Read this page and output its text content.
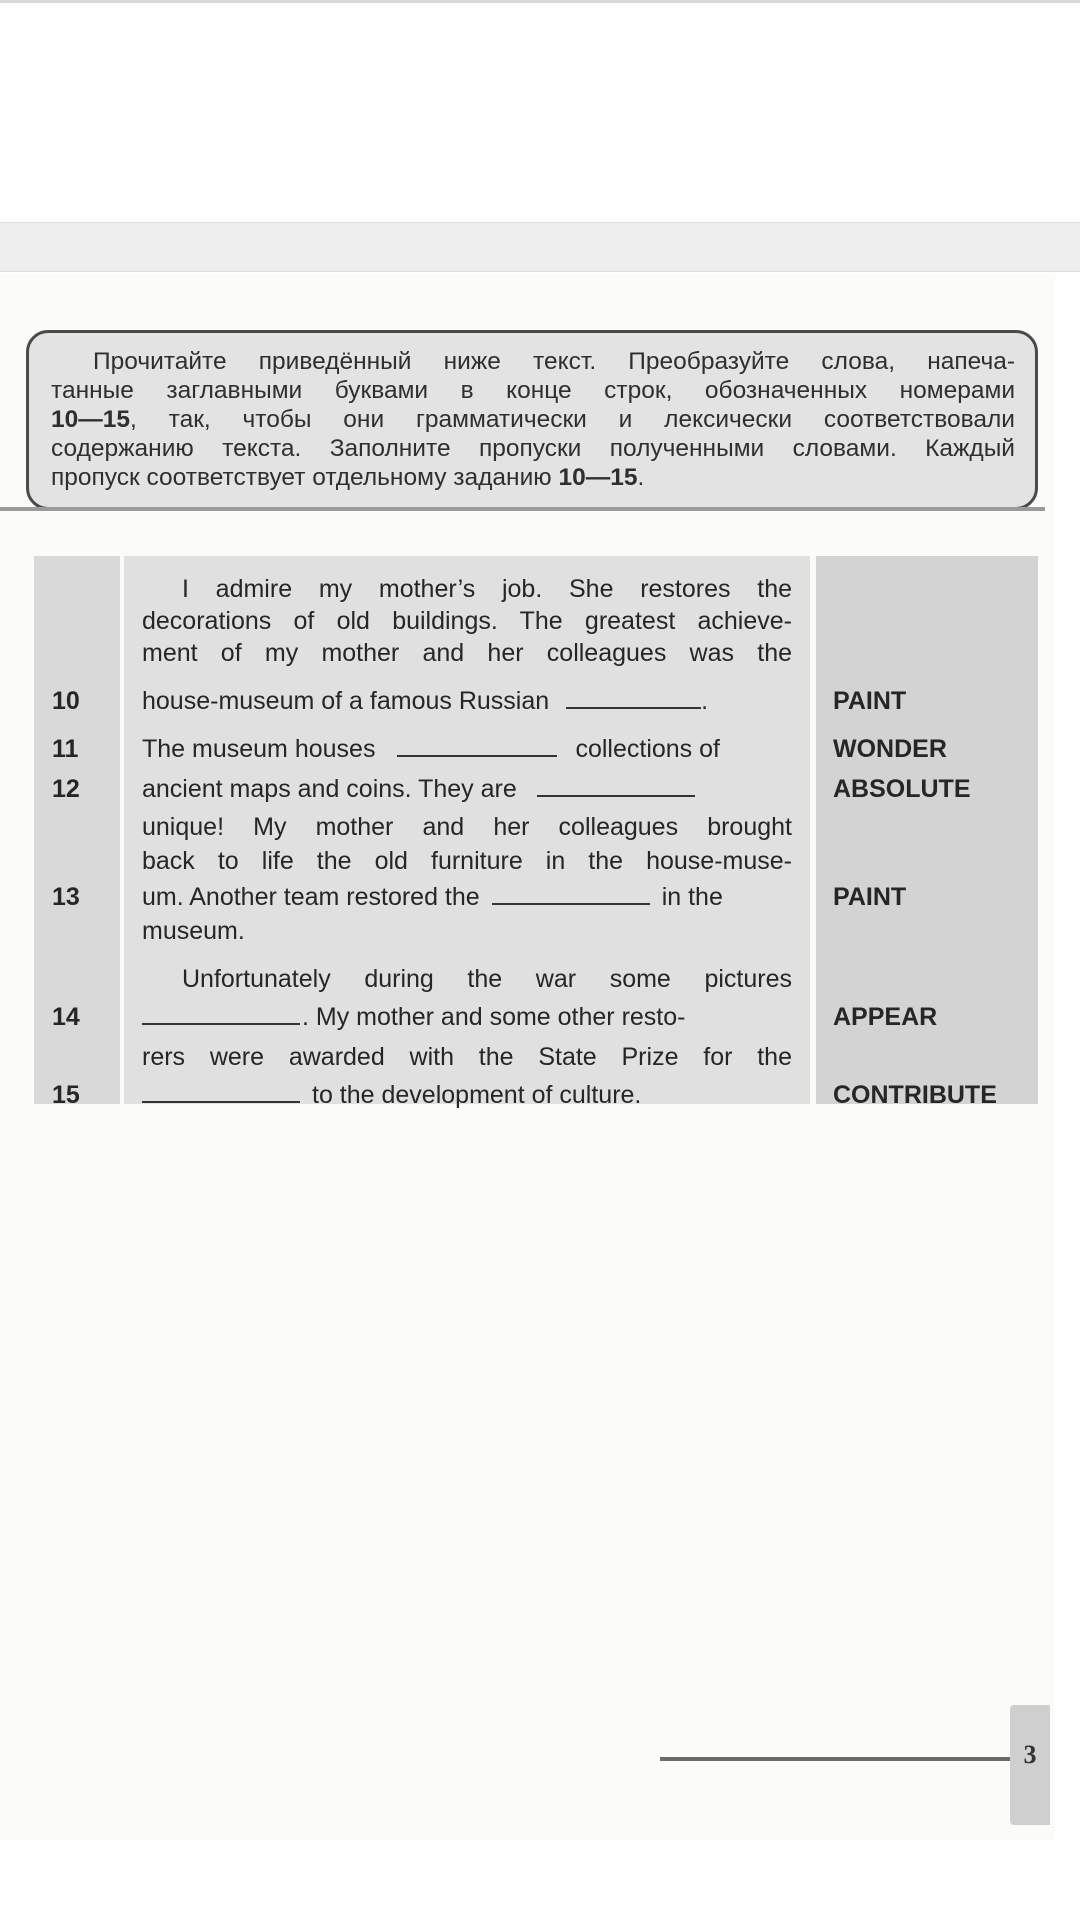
Прочитайте приведённый ниже текст. Преобразуйте слова, напеча-
танные заглавными буквами в конце строк, обозначенных номерами
10—15, так, чтобы они грамматически и лексически соответствовали
содержанию текста. Заполните пропуски полученными словами. Каждый
пропуск соответствует отдельному заданию 10—15.
I admire my mother’s job. She restores the
decorations of old buildings. The greatest achieve-
ment of my mother and her colleagues was the
10 house-museum of a famous Russian	.	PAINT
11	The museum houses	collections of	WONDER
12 ancient maps and coins. They are	ABSOLUTE
unique! My mother and her colleagues brought
back to life the old furniture in the house-muse-
13 um. Another team restored the	in the	PAINT
museum.
Unfortunately during the war some pictures
14	. My mother and some other resto-	APPEAR
rers were awarded with the State Prize for the
15	to the development of culture.	CONTRIBUTE
3
